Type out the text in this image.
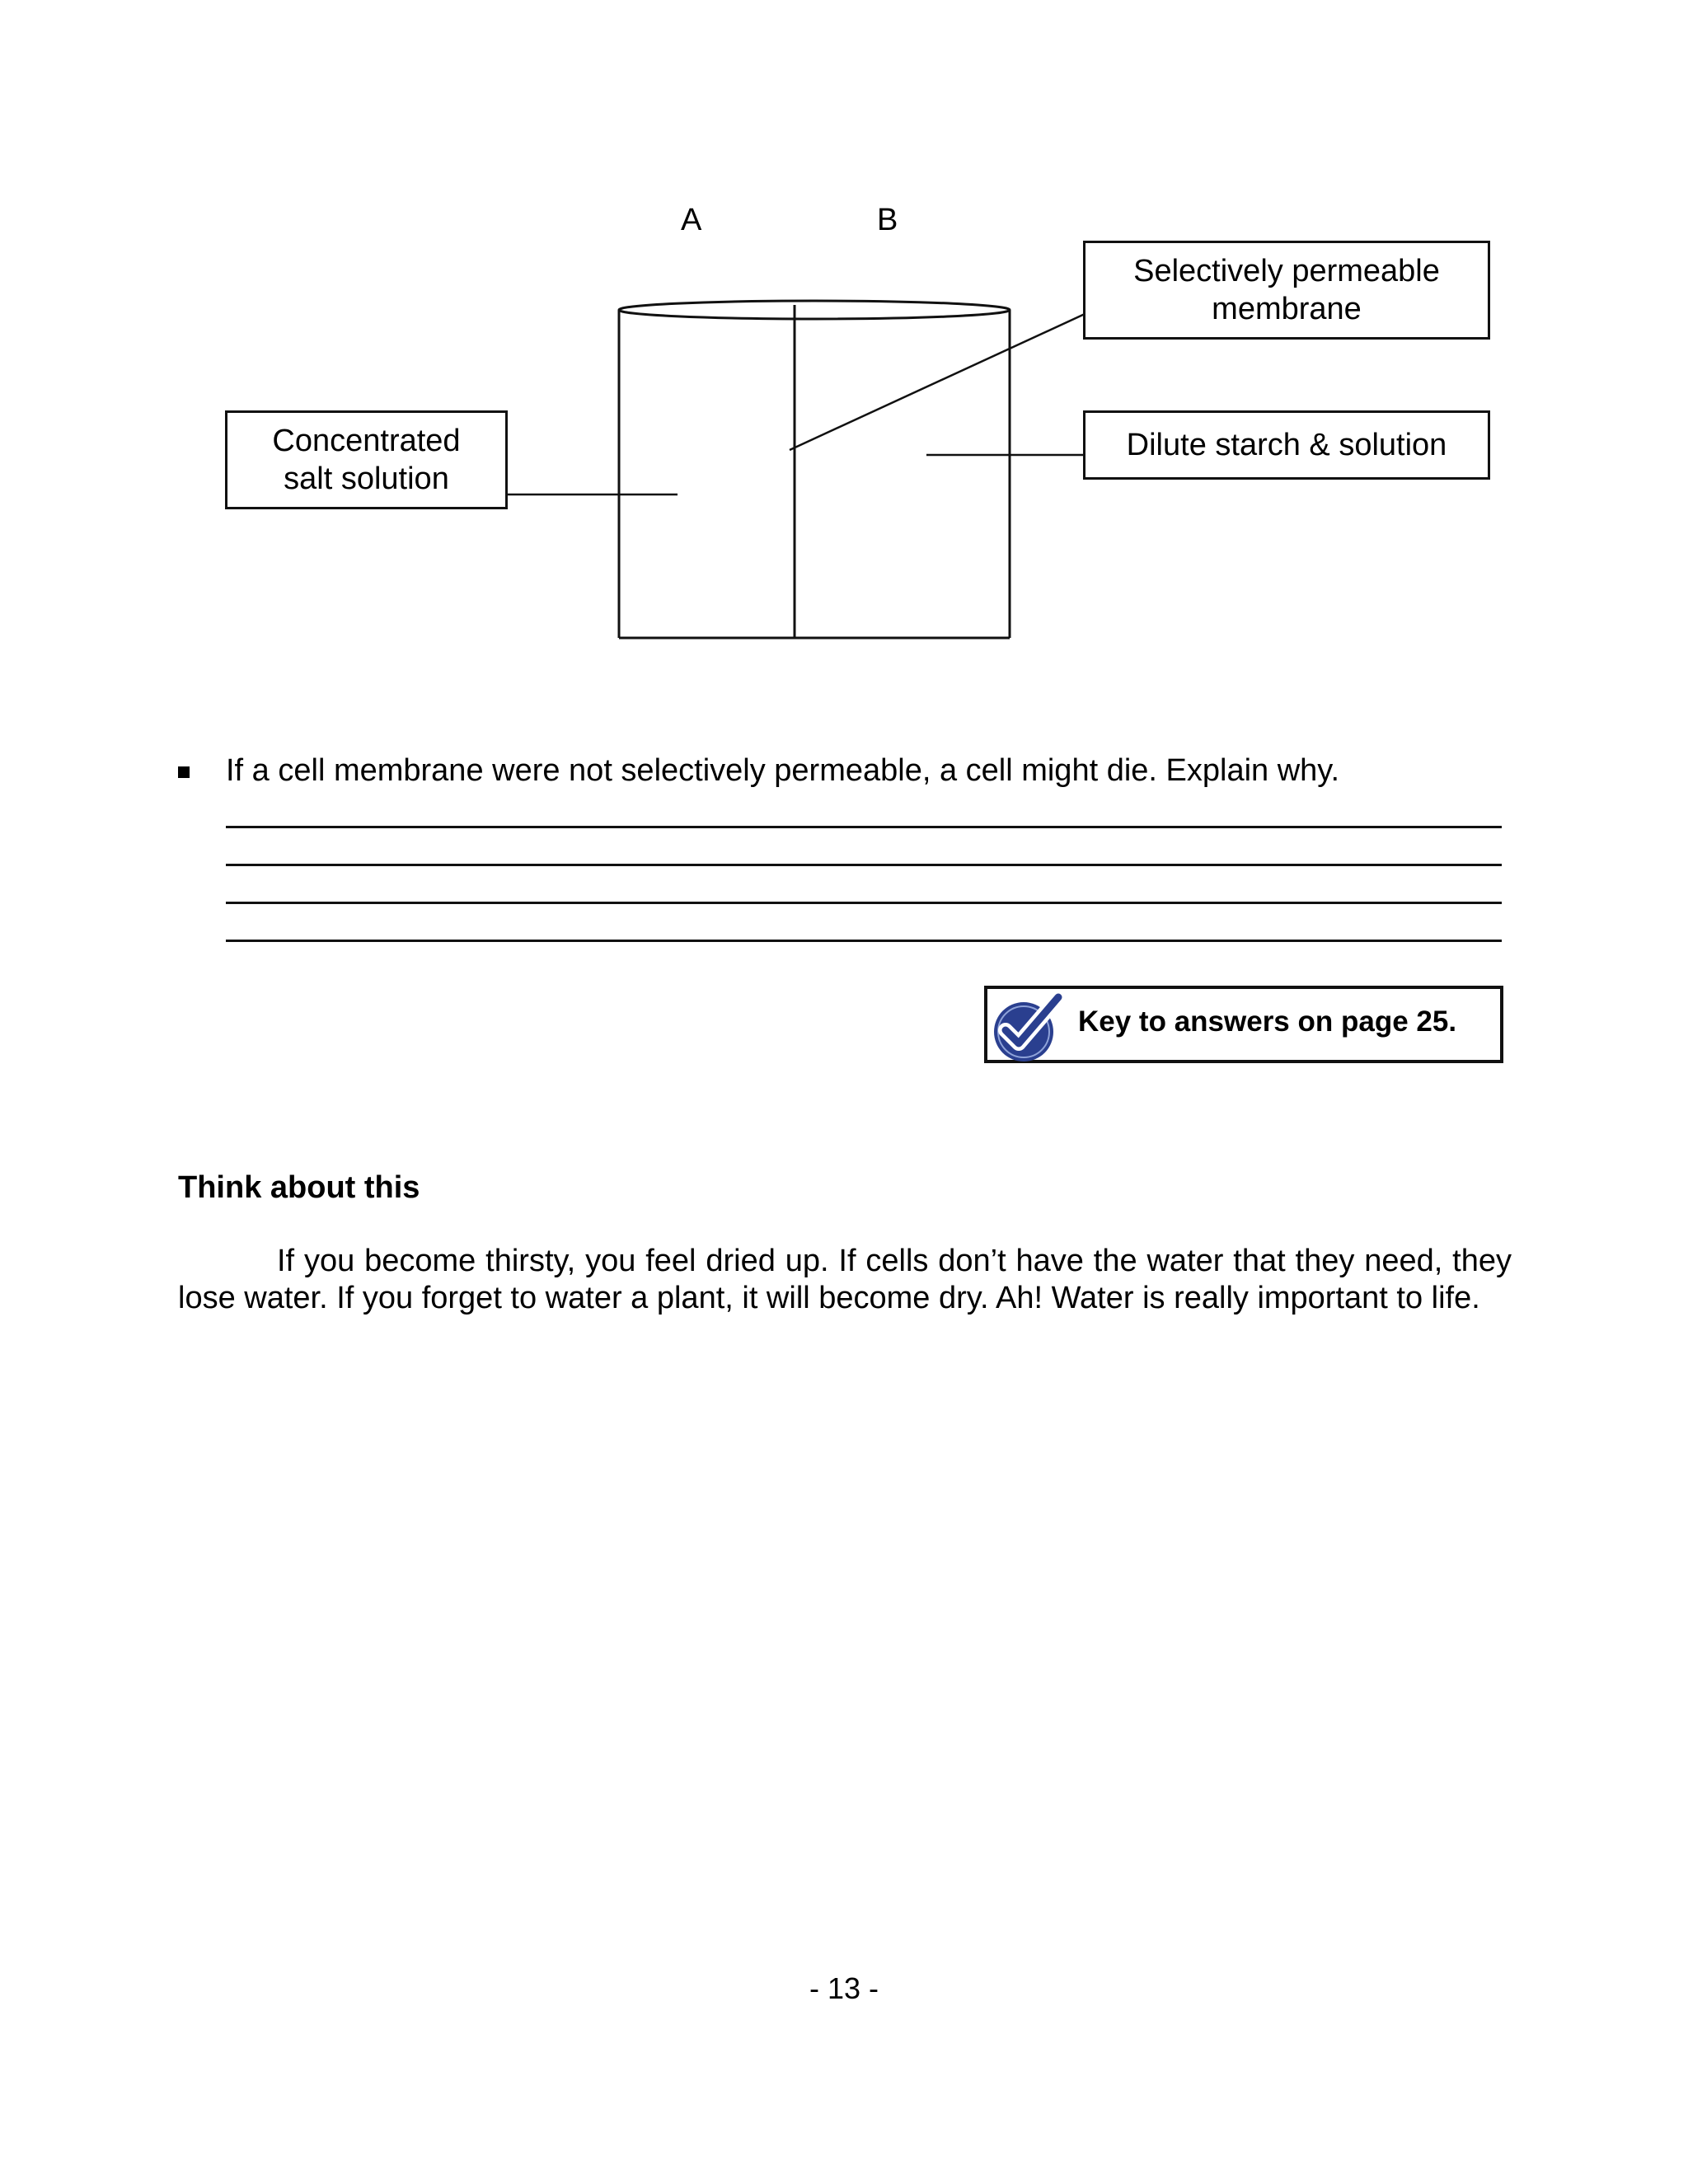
A	B
Selectively permeable
membrane
Concentrated
salt solution
Dilute starch & solution
If a cell membrane were not selectively permeable, a cell might die. Explain why.
Key to answers on page 25.
Think about this
If you become thirsty, you feel dried up. If cells don’t have the water that they need, they lose water. If you forget to water a plant, it will become dry. Ah! Water is really important to life.
- 13 -
